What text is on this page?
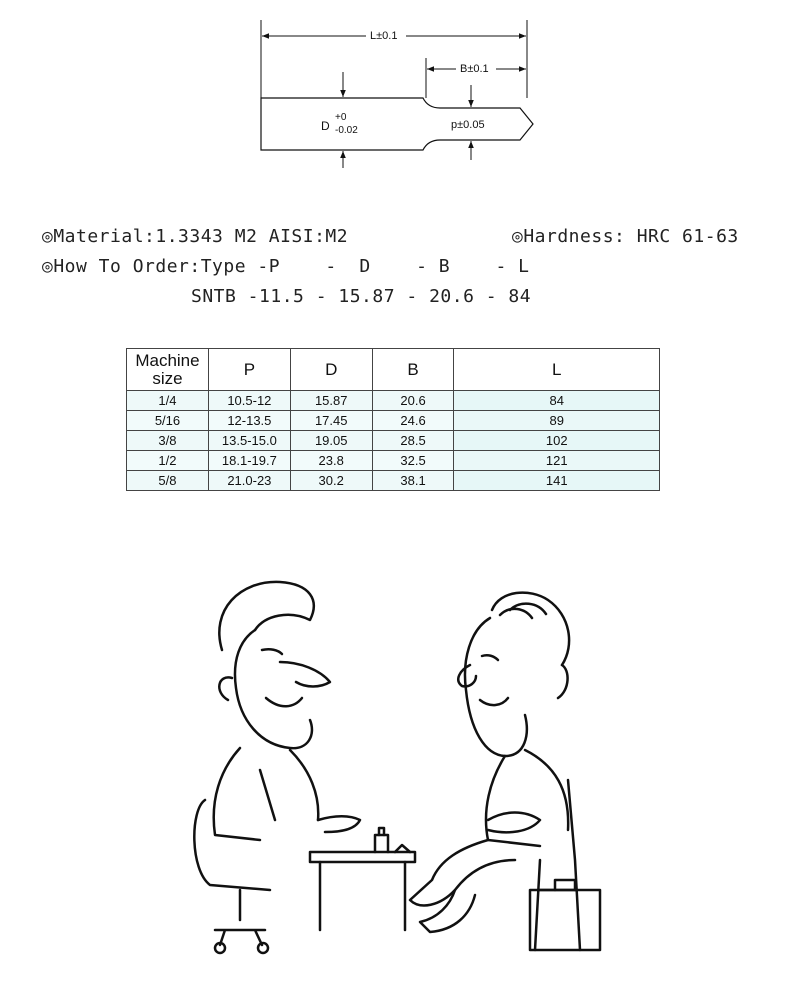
L±0.1
B±0.1
D
+0
-0.02	p±0.05
◎Material:1.3343 M2 AISI:M2	◎Hardness: HRC 61-63
◎How To Order:Type -P    -  D    - B    - L
SNTB -11.5 - 15.87 - 20.6 - 84
Machine size	P	D	B	L
1/4	10.5-12	15.87	20.6	84
5/16	12-13.5	17.45	24.6	89
3/8	13.5-15.0	19.05	28.5	102
1/2	18.1-19.7	23.8	32.5	121
5/8	21.0-23	30.2	38.1	141
